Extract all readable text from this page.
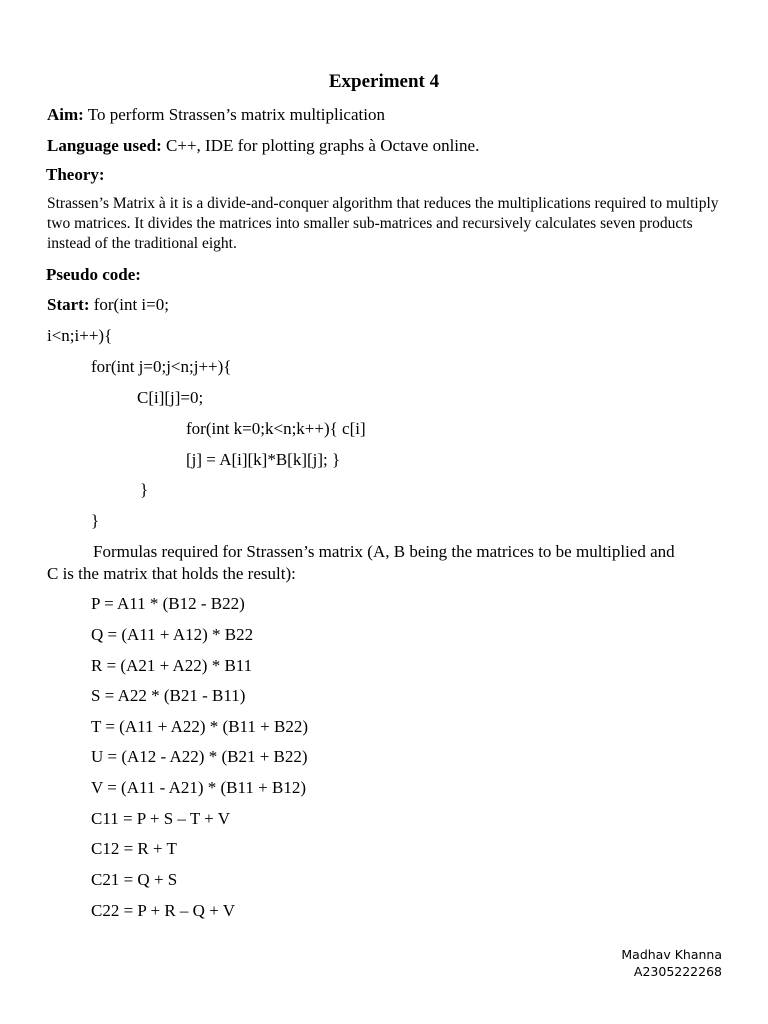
Experiment 4
Aim: To perform Strassen’s matrix multiplication
Language used: C++, IDE for plotting graphs à Octave online.
Theory:
Strassen’s Matrix à it is a divide-and-conquer algorithm that reduces the multiplications required to multiply two matrices. It divides the matrices into smaller sub-matrices and recursively calculates seven products instead of the traditional eight.
Pseudo code:
Start: for(int i=0;
i<n;i++){
for(int j=0;j<n;j++){
C[i][j]=0;
for(int k=0;k<n;k++){ c[i]
[j] = A[i][k]*B[k][j]; }
}
}
Formulas required for Strassen’s matrix (A, B being the matrices to be multiplied and
C is the matrix that holds the result):
P = A11 * (B12 - B22)
Q = (A11 + A12) * B22
R = (A21 + A22) * B11
S = A22 * (B21 - B11)
T = (A11 + A22) * (B11 + B22)
U = (A12 - A22) * (B21 + B22)
V = (A11 - A21) * (B11 + B12)
C11 = P + S – T + V
C12 = R + T
C21 = Q + S
C22 = P + R – Q + V
Madhav Khanna
A2305222268
